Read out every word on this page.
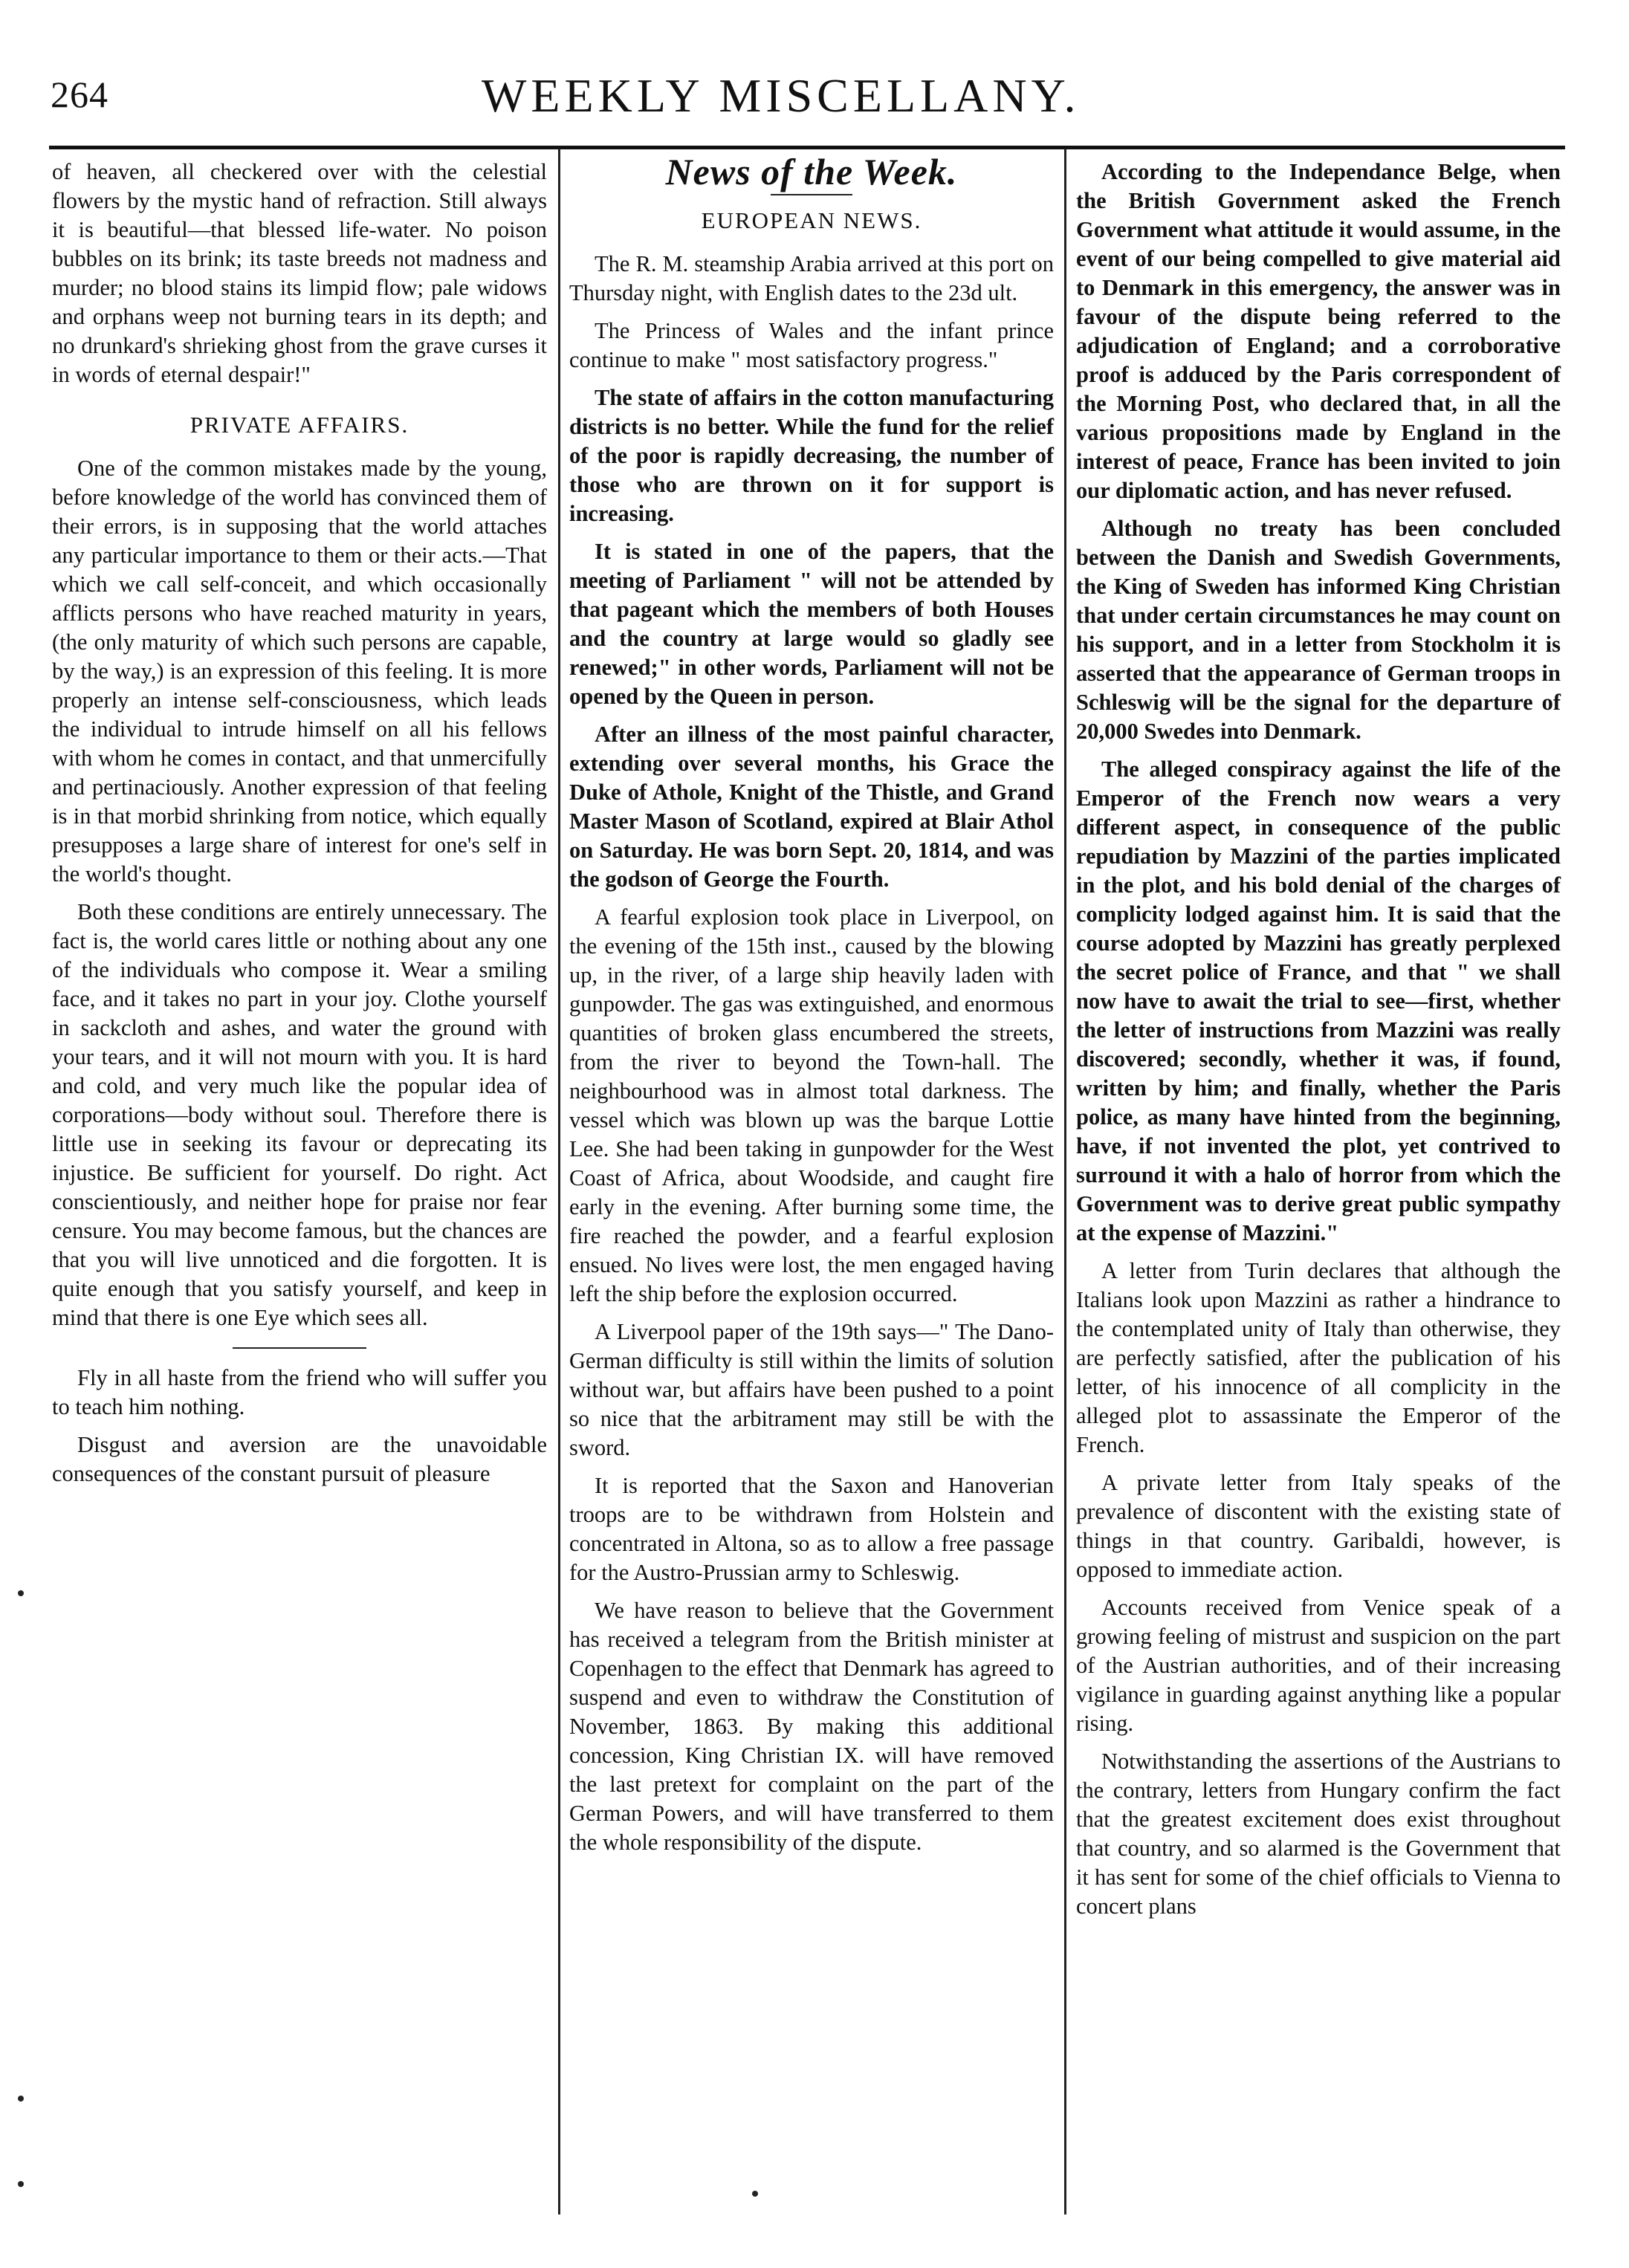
264	WEEKLY MISCELLANY.

of heaven, all checkered over with the celestial flowers by the mystic hand of refraction. Still always it is beautiful—that blessed life-water. No poison bubbles on its brink; its taste breeds not madness and murder; no blood stains its limpid flow; pale widows and orphans weep not burning tears in its depth; and no drunkard's shrieking ghost from the grave curses it in words of eternal despair!"

PRIVATE AFFAIRS.

One of the common mistakes made by the young, before knowledge of the world has convinced them of their errors, is in supposing that the world attaches any particular importance to them or their acts.—That which we call self-conceit, and which occasionally afflicts persons who have reached maturity in years, (the only maturity of which such persons are capable, by the way,) is an expression of this feeling. It is more properly an intense self-consciousness, which leads the individual to intrude himself on all his fellows with whom he comes in contact, and that unmercifully and pertinaciously. Another expression of that feeling is in that morbid shrinking from notice, which equally presupposes a large share of interest for one's self in the world's thought.

Both these conditions are entirely unnecessary. The fact is, the world cares little or nothing about any one of the individuals who compose it. Wear a smiling face, and it takes no part in your joy. Clothe yourself in sackcloth and ashes, and water the ground with your tears, and it will not mourn with you. It is hard and cold, and very much like the popular idea of corporations—body without soul. Therefore there is little use in seeking its favour or deprecating its injustice. Be sufficient for yourself. Do right. Act conscientiously, and neither hope for praise nor fear censure. You may become famous, but the chances are that you will live unnoticed and die forgotten. It is quite enough that you satisfy yourself, and keep in mind that there is one Eye which sees all.

Fly in all haste from the friend who will suffer you to teach him nothing.

Disgust and aversion are the unavoidable consequences of the constant pursuit of pleasure

News of the Week.
EUROPEAN NEWS.

The R. M. steamship Arabia arrived at this port on Thursday night, with English dates to the 23d ult.

The Princess of Wales and the infant prince continue to make " most satisfactory progress."

The state of affairs in the cotton manufacturing districts is no better. While the fund for the relief of the poor is rapidly decreasing, the number of those who are thrown on it for support is increasing.

It is stated in one of the papers, that the meeting of Parliament " will not be attended by that pageant which the members of both Houses and the country at large would so gladly see renewed;" in other words, Parliament will not be opened by the Queen in person.

After an illness of the most painful character, extending over several months, his Grace the Duke of Athole, Knight of the Thistle, and Grand Master Mason of Scotland, expired at Blair Athol on Saturday. He was born Sept. 20, 1814, and was the godson of George the Fourth.

A fearful explosion took place in Liverpool, on the evening of the 15th inst., caused by the blowing up, in the river, of a large ship heavily laden with gunpowder. The gas was extinguished, and enormous quantities of broken glass encumbered the streets, from the river to beyond the Town-hall. The neighbourhood was in almost total darkness. The vessel which was blown up was the barque Lottie Lee. She had been taking in gunpowder for the West Coast of Africa, about Woodside, and caught fire early in the evening. After burning some time, the fire reached the powder, and a fearful explosion ensued. No lives were lost, the men engaged having left the ship before the explosion occurred.

A Liverpool paper of the 19th says—" The Dano-German difficulty is still within the limits of solution without war, but affairs have been pushed to a point so nice that the arbitrament may still be with the sword.

It is reported that the Saxon and Hanoverian troops are to be withdrawn from Holstein and concentrated in Altona, so as to allow a free passage for the Austro-Prussian army to Schleswig.

We have reason to believe that the Government has received a telegram from the British minister at Copenhagen to the effect that Denmark has agreed to suspend and even to withdraw the Constitution of November, 1863. By making this additional concession, King Christian IX. will have removed the last pretext for complaint on the part of the German Powers, and will have transferred to them the whole responsibility of the dispute.

According to the Independance Belge, when the British Government asked the French Government what attitude it would assume, in the event of our being compelled to give material aid to Denmark in this emergency, the answer was in favour of the dispute being referred to the adjudication of England; and a corroborative proof is adduced by the Paris correspondent of the Morning Post, who declared that, in all the various propositions made by England in the interest of peace, France has been invited to join our diplomatic action, and has never refused.

Although no treaty has been concluded between the Danish and Swedish Governments, the King of Sweden has informed King Christian that under certain circumstances he may count on his support, and in a letter from Stockholm it is asserted that the appearance of German troops in Schleswig will be the signal for the departure of 20,000 Swedes into Denmark.

The alleged conspiracy against the life of the Emperor of the French now wears a very different aspect, in consequence of the public repudiation by Mazzini of the parties implicated in the plot, and his bold denial of the charges of complicity lodged against him. It is said that the course adopted by Mazzini has greatly perplexed the secret police of France, and that " we shall now have to await the trial to see—first, whether the letter of instructions from Mazzini was really discovered; secondly, whether it was, if found, written by him; and finally, whether the Paris police, as many have hinted from the beginning, have, if not invented the plot, yet contrived to surround it with a halo of horror from which the Government was to derive great public sympathy at the expense of Mazzini."

A letter from Turin declares that although the Italians look upon Mazzini as rather a hindrance to the contemplated unity of Italy than otherwise, they are perfectly satisfied, after the publication of his letter, of his innocence of all complicity in the alleged plot to assassinate the Emperor of the French.

A private letter from Italy speaks of the prevalence of discontent with the existing state of things in that country. Garibaldi, however, is opposed to immediate action.

Accounts received from Venice speak of a growing feeling of mistrust and suspicion on the part of the Austrian authorities, and of their increasing vigilance in guarding against anything like a popular rising.

Notwithstanding the assertions of the Austrians to the contrary, letters from Hungary confirm the fact that the greatest excitement does exist throughout that country, and so alarmed is the Government that it has sent for some of the chief officials to Vienna to concert plans
